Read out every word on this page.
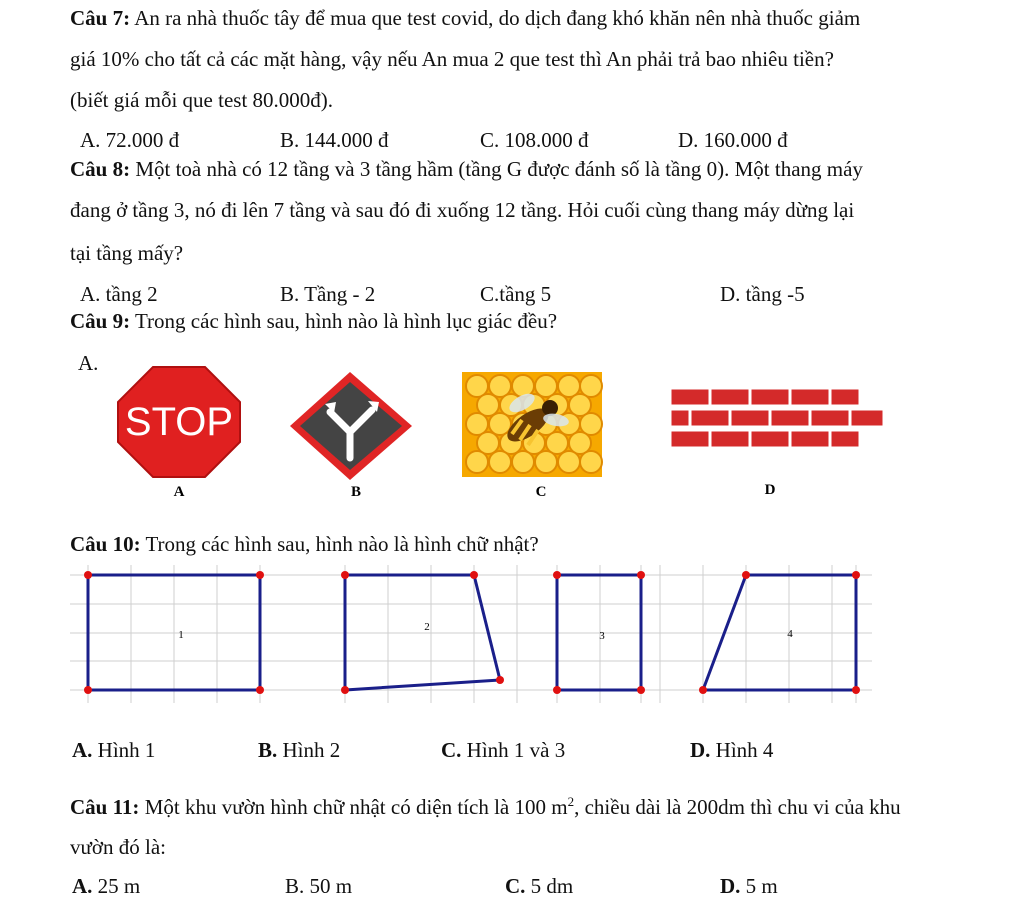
Câu 7: An ra nhà thuốc tây để mua que test covid, do dịch đang khó khăn nên nhà thuốc giảm
giá 10% cho tất cả các mặt hàng, vậy nếu An mua 2 que test thì An phải trả bao nhiêu tiền?
(biết giá mỗi que test 80.000đ).
A. 72.000 đ	B. 144.000 đ	C. 108.000 đ	D. 160.000 đ
Câu 8: Một toà nhà có 12 tầng và 3 tầng hầm (tầng G được đánh số là tầng 0). Một thang máy
đang ở tầng 3, nó đi lên 7 tầng và sau đó đi xuống 12 tầng. Hỏi cuối cùng thang máy dừng lại
tại tầng mấy?
A. tầng 2	B. Tầng - 2	C.tầng 5	D. tầng -5
Câu 9: Trong các hình sau, hình nào là hình lục giác đều?
A.
STOP
A	B	C	D
1
2
3	4
Câu 10: Trong các hình sau, hình nào là hình chữ nhật?
A. Hình 1	B. Hình 2	C. Hình 1 và 3	D. Hình 4
Câu 11: Một khu vườn hình chữ nhật có diện tích là 100 $m^2$, chiều dài là 200dm thì chu vi của khu
vườn đó là:
A. 25 m	B. 50 m	C. 5 dm	D. 5 m
